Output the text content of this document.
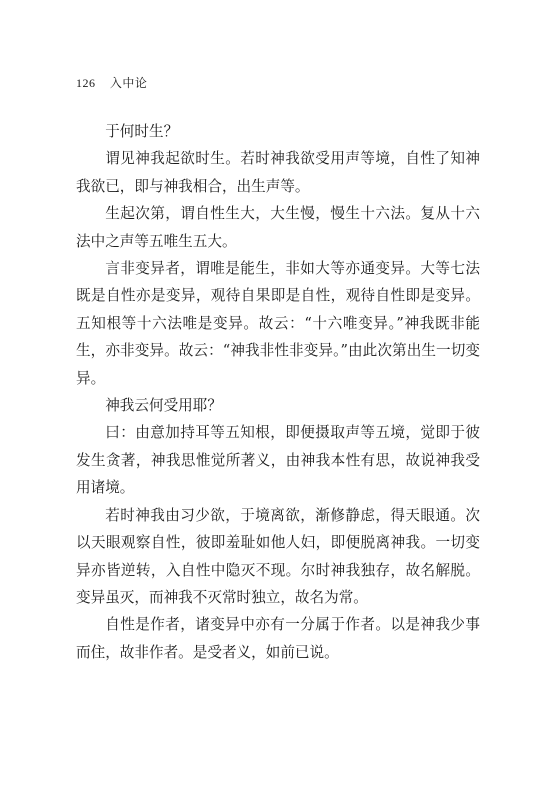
126 入中论

于何时生？

谓见神我起欲时生。若时神我欲受用声等境，自性了知神我欲已，即与神我相合，出生声等。

生起次第，谓自性生大，大生慢，慢生十六法。复从十六法中之声等五唯生五大。

言非变异者，谓唯是能生，非如大等亦通变异。大等七法既是自性亦是变异，观待自果即是自性，观待自性即是变异。五知根等十六法唯是变异。故云：“十六唯变异。”神我既非能生，亦非变异。故云：“神我非性非变异。”由此次第出生一切变异。

神我云何受用耶？

曰：由意加持耳等五知根，即便摄取声等五境，觉即于彼发生贪著，神我思惟觉所著义，由神我本性有思，故说神我受用诸境。

若时神我由习少欲，于境离欲，渐修静虑，得天眼通。次以天眼观察自性，彼即羞耻如他人妇，即便脱离神我。一切变异亦皆逆转，入自性中隐灭不现。尔时神我独存，故名解脱。变异虽灭，而神我不灭常时独立，故名为常。

自性是作者，诸变异中亦有一分属于作者。以是神我少事而住，故非作者。是受者义，如前已说。
